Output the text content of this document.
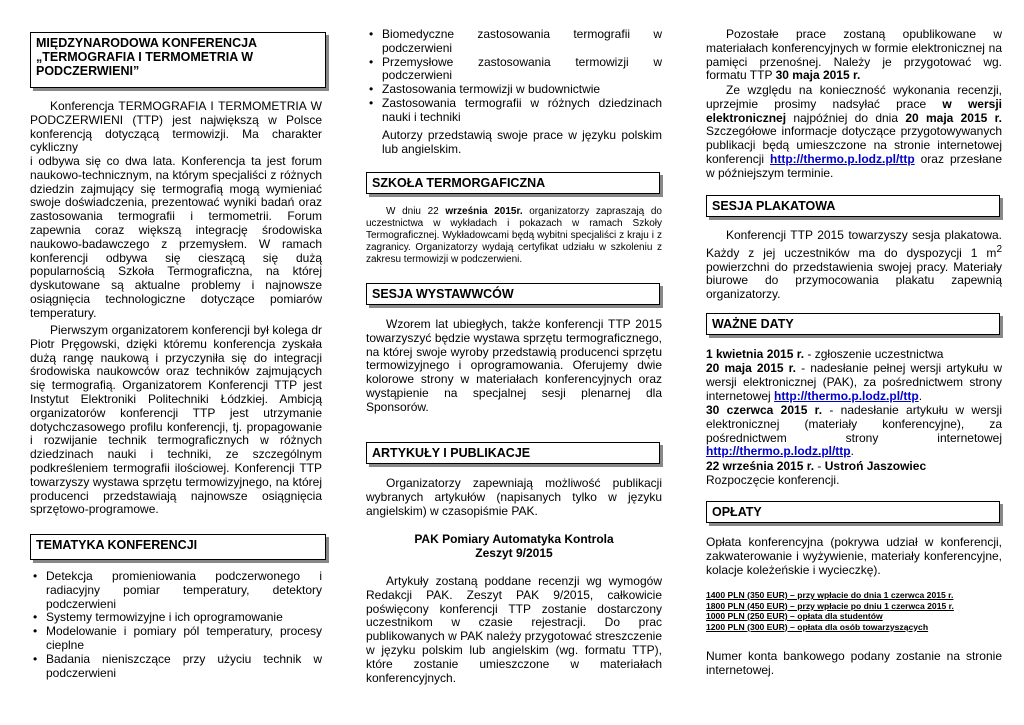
MIĘDZYNARODOWA KONFERENCJA „TERMOGRAFIA I TERMOMETRIA W PODCZERWIENI”

Konferencja TERMOGRAFIA I TERMOMETRIA W PODCZERWIENI (TTP) jest największą w Polsce konferencją dotyczącą termowizji. Ma charakter cykliczny

i odbywa się co dwa lata. Konferencja ta jest forum naukowo-technicznym, na którym specjaliści z różnych dziedzin zajmujący się termografią mogą wymieniać swoje doświadczenia, prezentować wyniki badań oraz zastosowania termografii i termometrii. Forum zapewnia coraz większą integrację środowiska naukowo-badawczego z przemysłem. W ramach konferencji odbywa się cieszącą się dużą popularnością Szkoła Termograficzna, na której dyskutowane są aktualne problemy i najnowsze osiągnięcia technologiczne dotyczące pomiarów temperatury.

Pierwszym organizatorem konferencji był kolega dr Piotr Pręgowski, dzięki któremu konferencja zyskała dużą rangę naukową i przyczyniła się do integracji środowiska naukowców oraz techników zajmujących się termografią. Organizatorem Konferencji TTP jest Instytut Elektroniki Politechniki Łódzkiej. Ambicją organizatorów konferencji TTP jest utrzymanie dotychczasowego profilu konferencji, tj. propagowanie i rozwijanie technik termograficznych w różnych dziedzinach nauki i techniki, ze szczególnym podkreśleniem termografii ilościowej. Konferencji TTP towarzyszy wystawa sprzętu termowizyjnego, na której producenci przedstawiają najnowsze osiągnięcia sprzętowo-programowe.

TEMATYKA KONFERENCJI
• Detekcja promieniowania podczerwonego i radiacyjny pomiar temperatury, detektory podczerwieni
• Systemy termowizyjne i ich oprogramowanie
• Modelowanie i pomiary pól temperatury, procesy cieplne
• Badania nieniszczące przy użyciu technik w podczerwieni
• Biomedyczne zastosowania termografii w podczerwieni
• Przemysłowe zastosowania termowizji w podczerwieni
• Zastosowania termowizji w budownictwie
• Zastosowania termografii w różnych dziedzinach nauki i techniki

Autorzy przedstawią swoje prace w języku polskim lub angielskim.

SZKOŁA TERMORGAFICZNA

W dniu 22 września 2015r. organizatorzy zapraszają do uczestnictwa w wykładach i pokazach w ramach Szkoły Termograficznej. Wykładowcami będą wybitni specjaliści z kraju i z zagranicy. Organizatorzy wydają certyfikat udziału w szkoleniu z zakresu termowizji w podczerwieni.

SESJA WYSTAWWCÓW

Wzorem lat ubiegłych, także konferencji TTP 2015 towarzyszyć będzie wystawa sprzętu termograficznego, na której swoje wyroby przedstawią producenci sprzętu termowizyjnego i oprogramowania. Oferujemy dwie kolorowe strony w materiałach konferencyjnych oraz wystąpienie na specjalnej sesji plenarnej dla Sponsorów.

ARTYKUŁY I PUBLIKACJE

Organizatorzy zapewniają możliwość publikacji wybranych artykułów (napisanych tylko w języku angielskim) w czasopiśmie PAK.

PAK Pomiary Automatyka Kontrola

Zeszyt 9/2015

Artykuły zostaną poddane recenzji wg wymogów Redakcji PAK. Zeszyt PAK 9/2015, całkowicie poświęcony konferencji TTP zostanie dostarczony uczestnikom w czasie rejestracji. Do prac publikowanych w PAK należy przygotować streszczenie w języku polskim lub angielskim (wg. formatu TTP), które zostanie umieszczone w materiałach konferencyjnych.

Pozostałe prace zostaną opublikowane w materiałach konferencyjnych w formie elektronicznej na pamięci przenośnej. Należy je przygotować wg. formatu TTP 30 maja 2015 r.

Ze względu na konieczność wykonania recenzji, uprzejmie prosimy nadsyłać prace w wersji elektronicznej najpóźniej do dnia 20 maja 2015 r. Szczegółowe informacje dotyczące przygotowywanych publikacji będą umieszczone na stronie internetowej konferencji http://thermo.p.lodz.pl/ttp oraz przesłane w późniejszym terminie.

SESJA PLAKATOWA

Konferencji TTP 2015 towarzyszy sesja plakatowa. Każdy z jej uczestników ma do dyspozycji 1 $m^2$ powierzchni do przedstawienia swojej pracy. Materiały biurowe do przymocowania plakatu zapewnią organizatorzy.

WAŻNE DATY

1 kwietnia 2015 r. - zgłoszenie uczestnictwa

20 maja 2015 r. - nadesłanie pełnej wersji artykułu w wersji elektronicznej (PAK), za pośrednictwem strony internetowej http://thermo.p.lodz.pl/ttp.

30 czerwca 2015 r. - nadesłanie artykułu w wersji elektronicznej (materiały konferencyjne), za pośrednictwem strony internetowej http://thermo.p.lodz.pl/ttp.

22 września 2015 r. - Ustroń Jaszowiec

Rozpoczęcie konferencji.

OPŁATY

Opłata konferencyjna (pokrywa udział w konferencji, zakwaterowanie i wyżywienie, materiały konferencyjne, kolacje koleżeńskie i wycieczkę).

1400 PLN (350 EUR) – przy wpłacie do dnia 1 czerwca 2015 r.
1800 PLN (450 EUR) – przy wpłacie po dniu 1 czerwca 2015 r.
1000 PLN (250 EUR) – opłata dla studentów
1200 PLN (300 EUR) – opłata dla osób towarzyszących

Numer konta bankowego podany zostanie na stronie internetowej.
